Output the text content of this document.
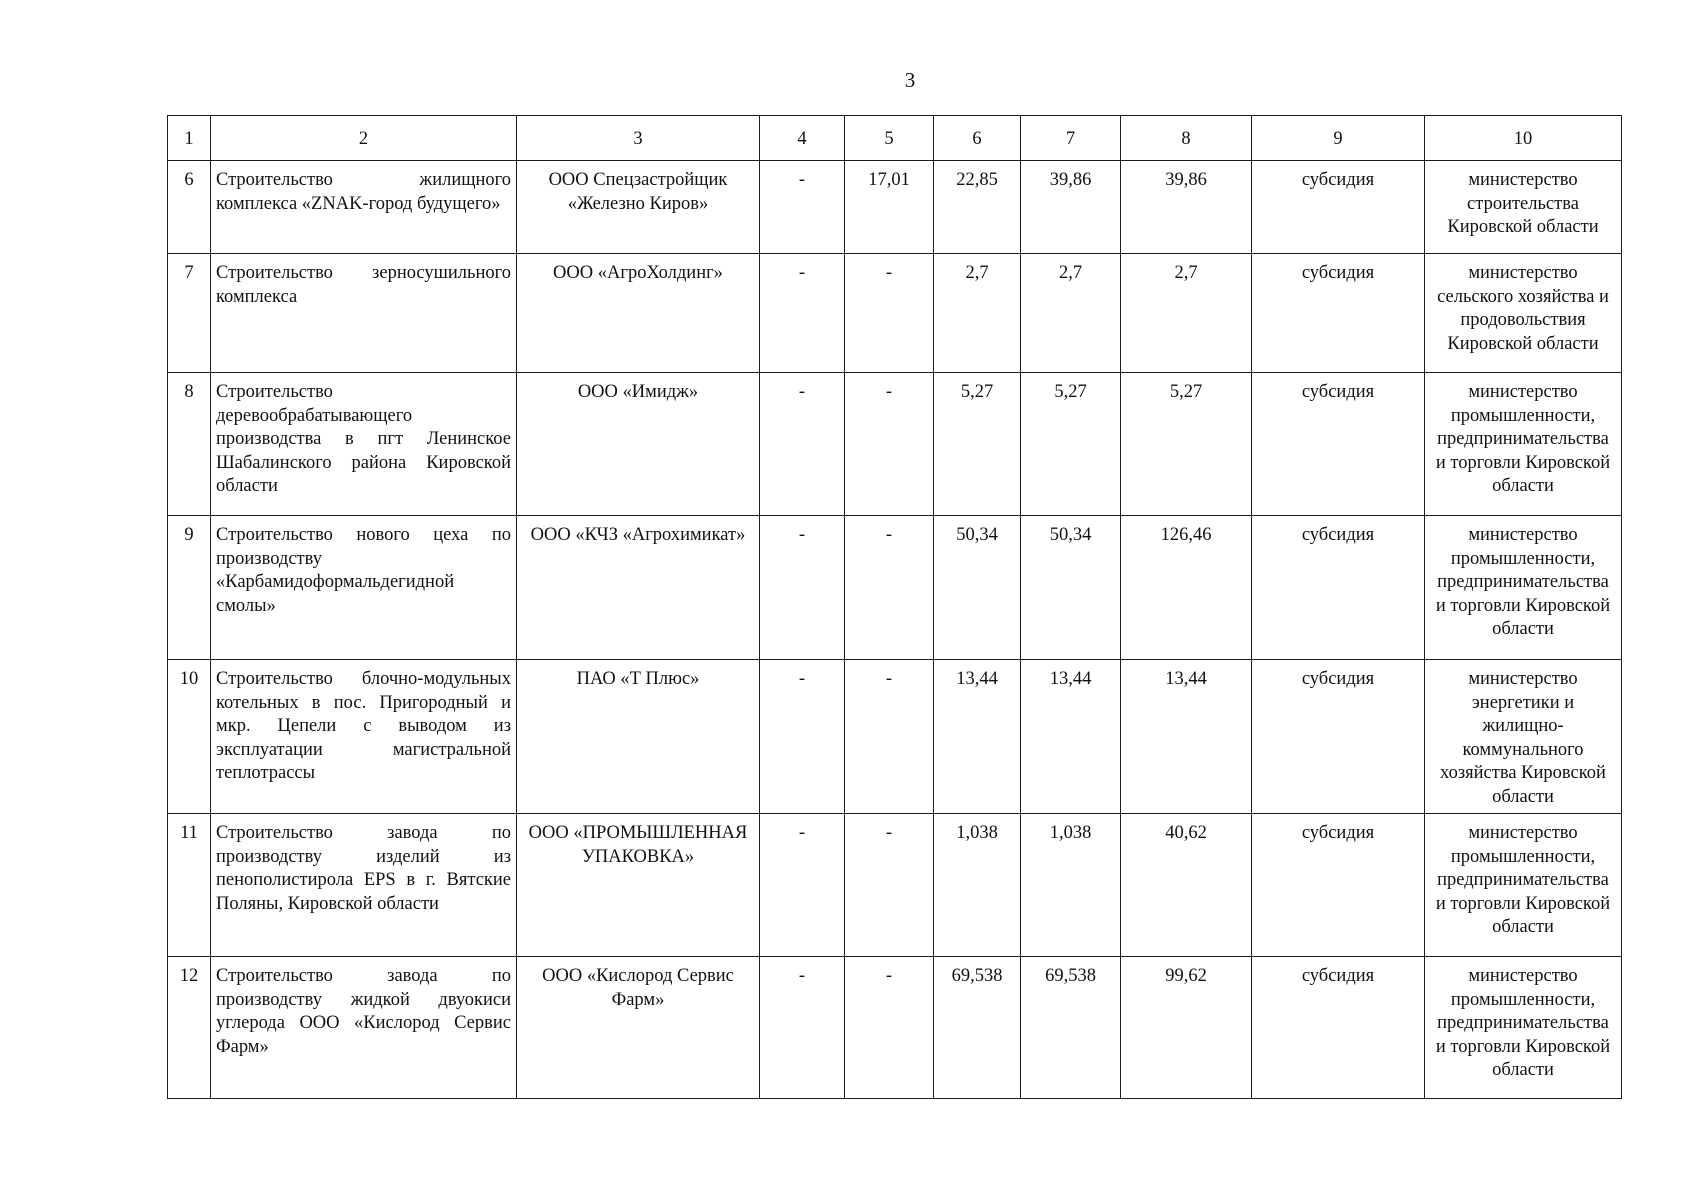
3
1	2	3	4	5	6	7	8	9	10
6	Строительство жилищного комплекса «ZNAK-город будущего»	ООО Спецзастройщик «Железно Киров»	-	17,01	22,85	39,86	39,86	субсидия	министерство строительства Кировской области
7	Строительство зерносушильного комплекса	ООО «АгроХолдинг»	-	-	2,7	2,7	2,7	субсидия	министерство сельского хозяйства и продовольствия Кировской области
8	Строительство деревообрабатывающего производства в пгт Ленинское Шабалинского района Кировской области	ООО «Имидж»	-	-	5,27	5,27	5,27	субсидия	министерство промышленности, предпринимательства и торговли Кировской области
9	Строительство нового цеха по производству «Карбамидоформальдегидной смолы»	ООО «КЧЗ «Агрохимикат»	-	-	50,34	50,34	126,46	субсидия	министерство промышленности, предпринимательства и торговли Кировской области
10	Строительство блочно-модульных котельных в пос. Пригородный и мкр. Цепели с выводом из эксплуатации магистральной теплотрассы	ПАО «Т Плюс»	-	-	13,44	13,44	13,44	субсидия	министерство энергетики и жилищно-коммунального хозяйства Кировской области
11	Строительство завода по производству изделий из пенополистирола EPS в г. Вятские Поляны, Кировской области	ООО «ПРОМЫШЛЕННАЯ УПАКОВКА»	-	-	1,038	1,038	40,62	субсидия	министерство промышленности, предпринимательства и торговли Кировской области
12	Строительство завода по производству жидкой двуокиси углерода ООО «Кислород Сервис Фарм»	ООО «Кислород Сервис Фарм»	-	-	69,538	69,538	99,62	субсидия	министерство промышленности, предпринимательства и торговли Кировской области
